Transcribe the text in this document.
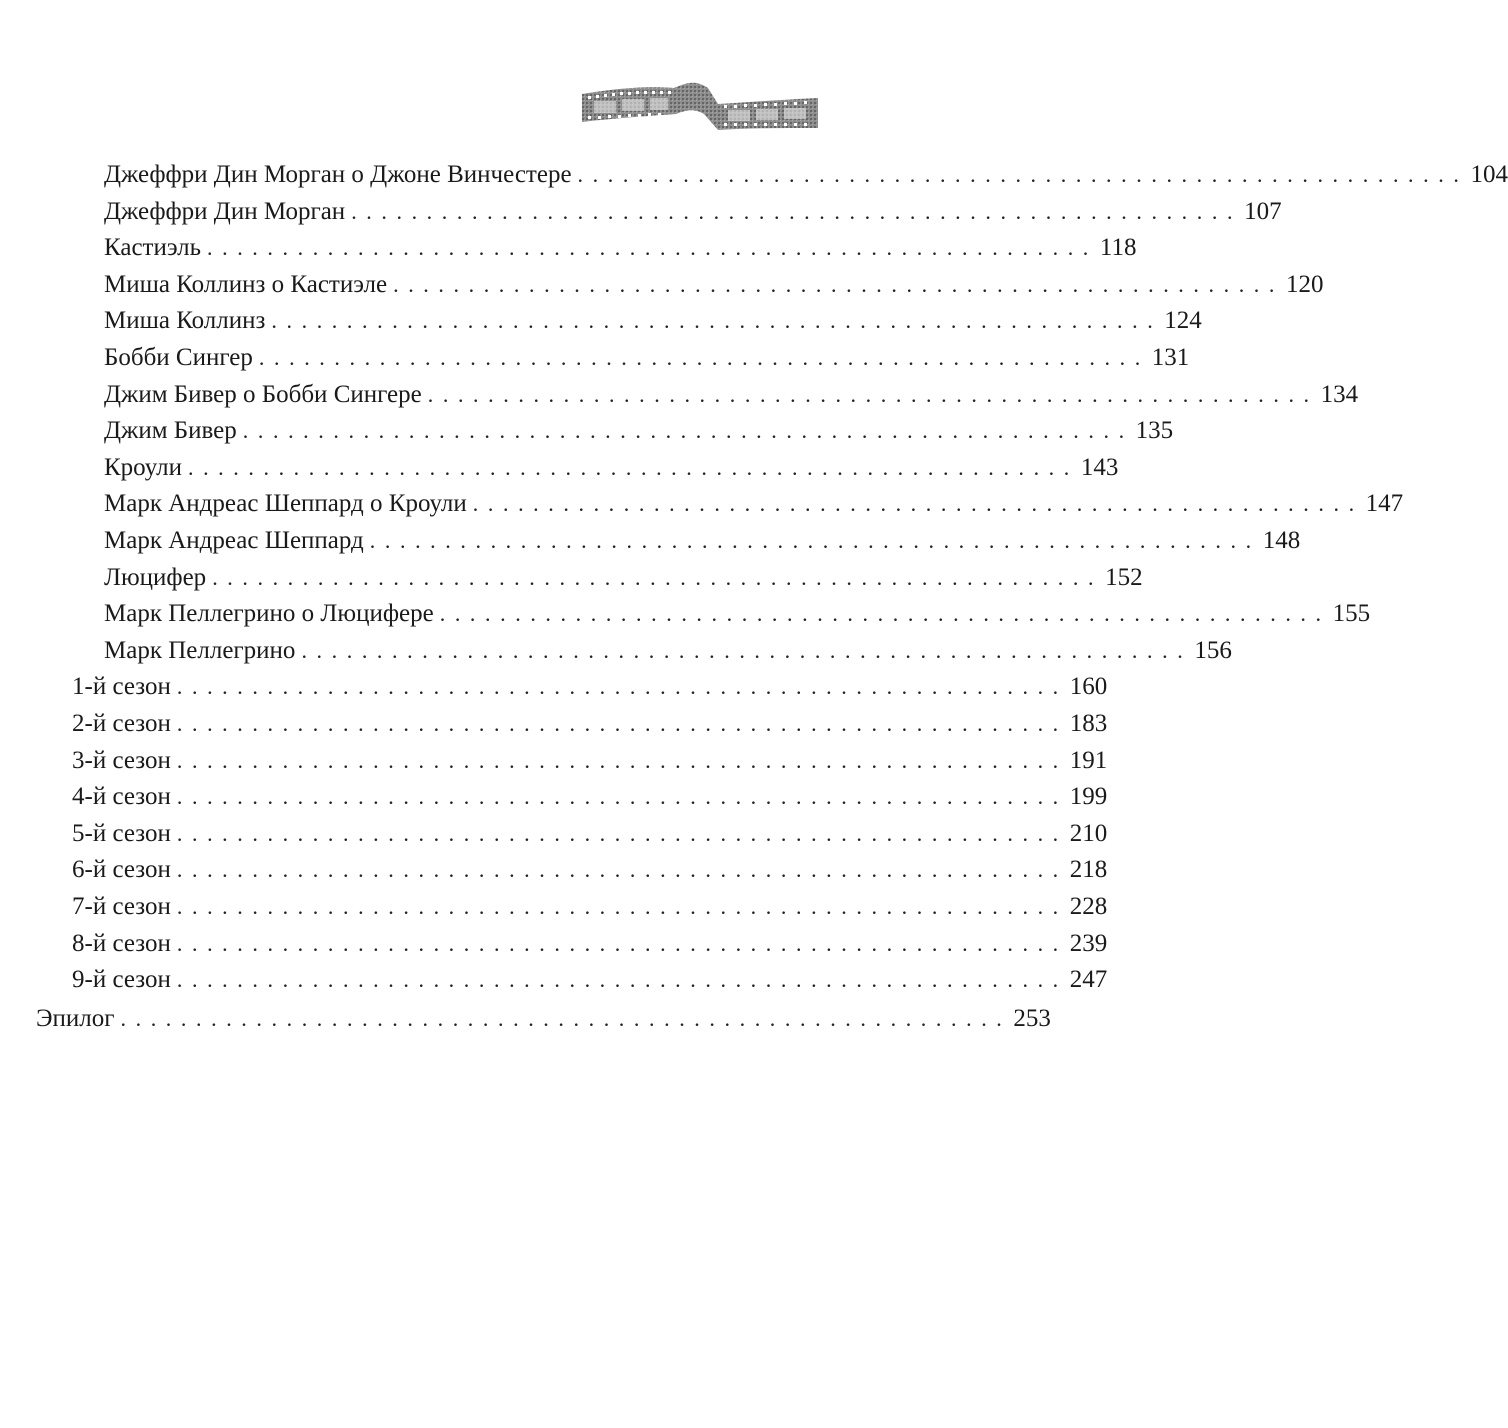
Джеффри Дин Морган о Джоне Винчестере ........................................................... 104
Джеффри Дин Морган ........................................................... 107
Кастиэль ........................................................... 118
Миша Коллинз о Кастиэле ........................................................... 120
Миша Коллинз ........................................................... 124
Бобби Сингер ........................................................... 131
Джим Бивер о Бобби Сингере ........................................................... 134
Джим Бивер ........................................................... 135
Кроули ........................................................... 143
Марк Андреас Шеппард о Кроули ........................................................... 147
Марк Андреас Шеппард ........................................................... 148
Люцифер ........................................................... 152
Марк Пеллегрино о Люцифере ........................................................... 155
Марк Пеллегрино ........................................................... 156
1-й сезон ........................................................... 160
2-й сезон ........................................................... 183
3-й сезон ........................................................... 191
4-й сезон ........................................................... 199
5-й сезон ........................................................... 210
6-й сезон ........................................................... 218
7-й сезон ........................................................... 228
8-й сезон ........................................................... 239
9-й сезон ........................................................... 247
Эпилог ........................................................... 253
